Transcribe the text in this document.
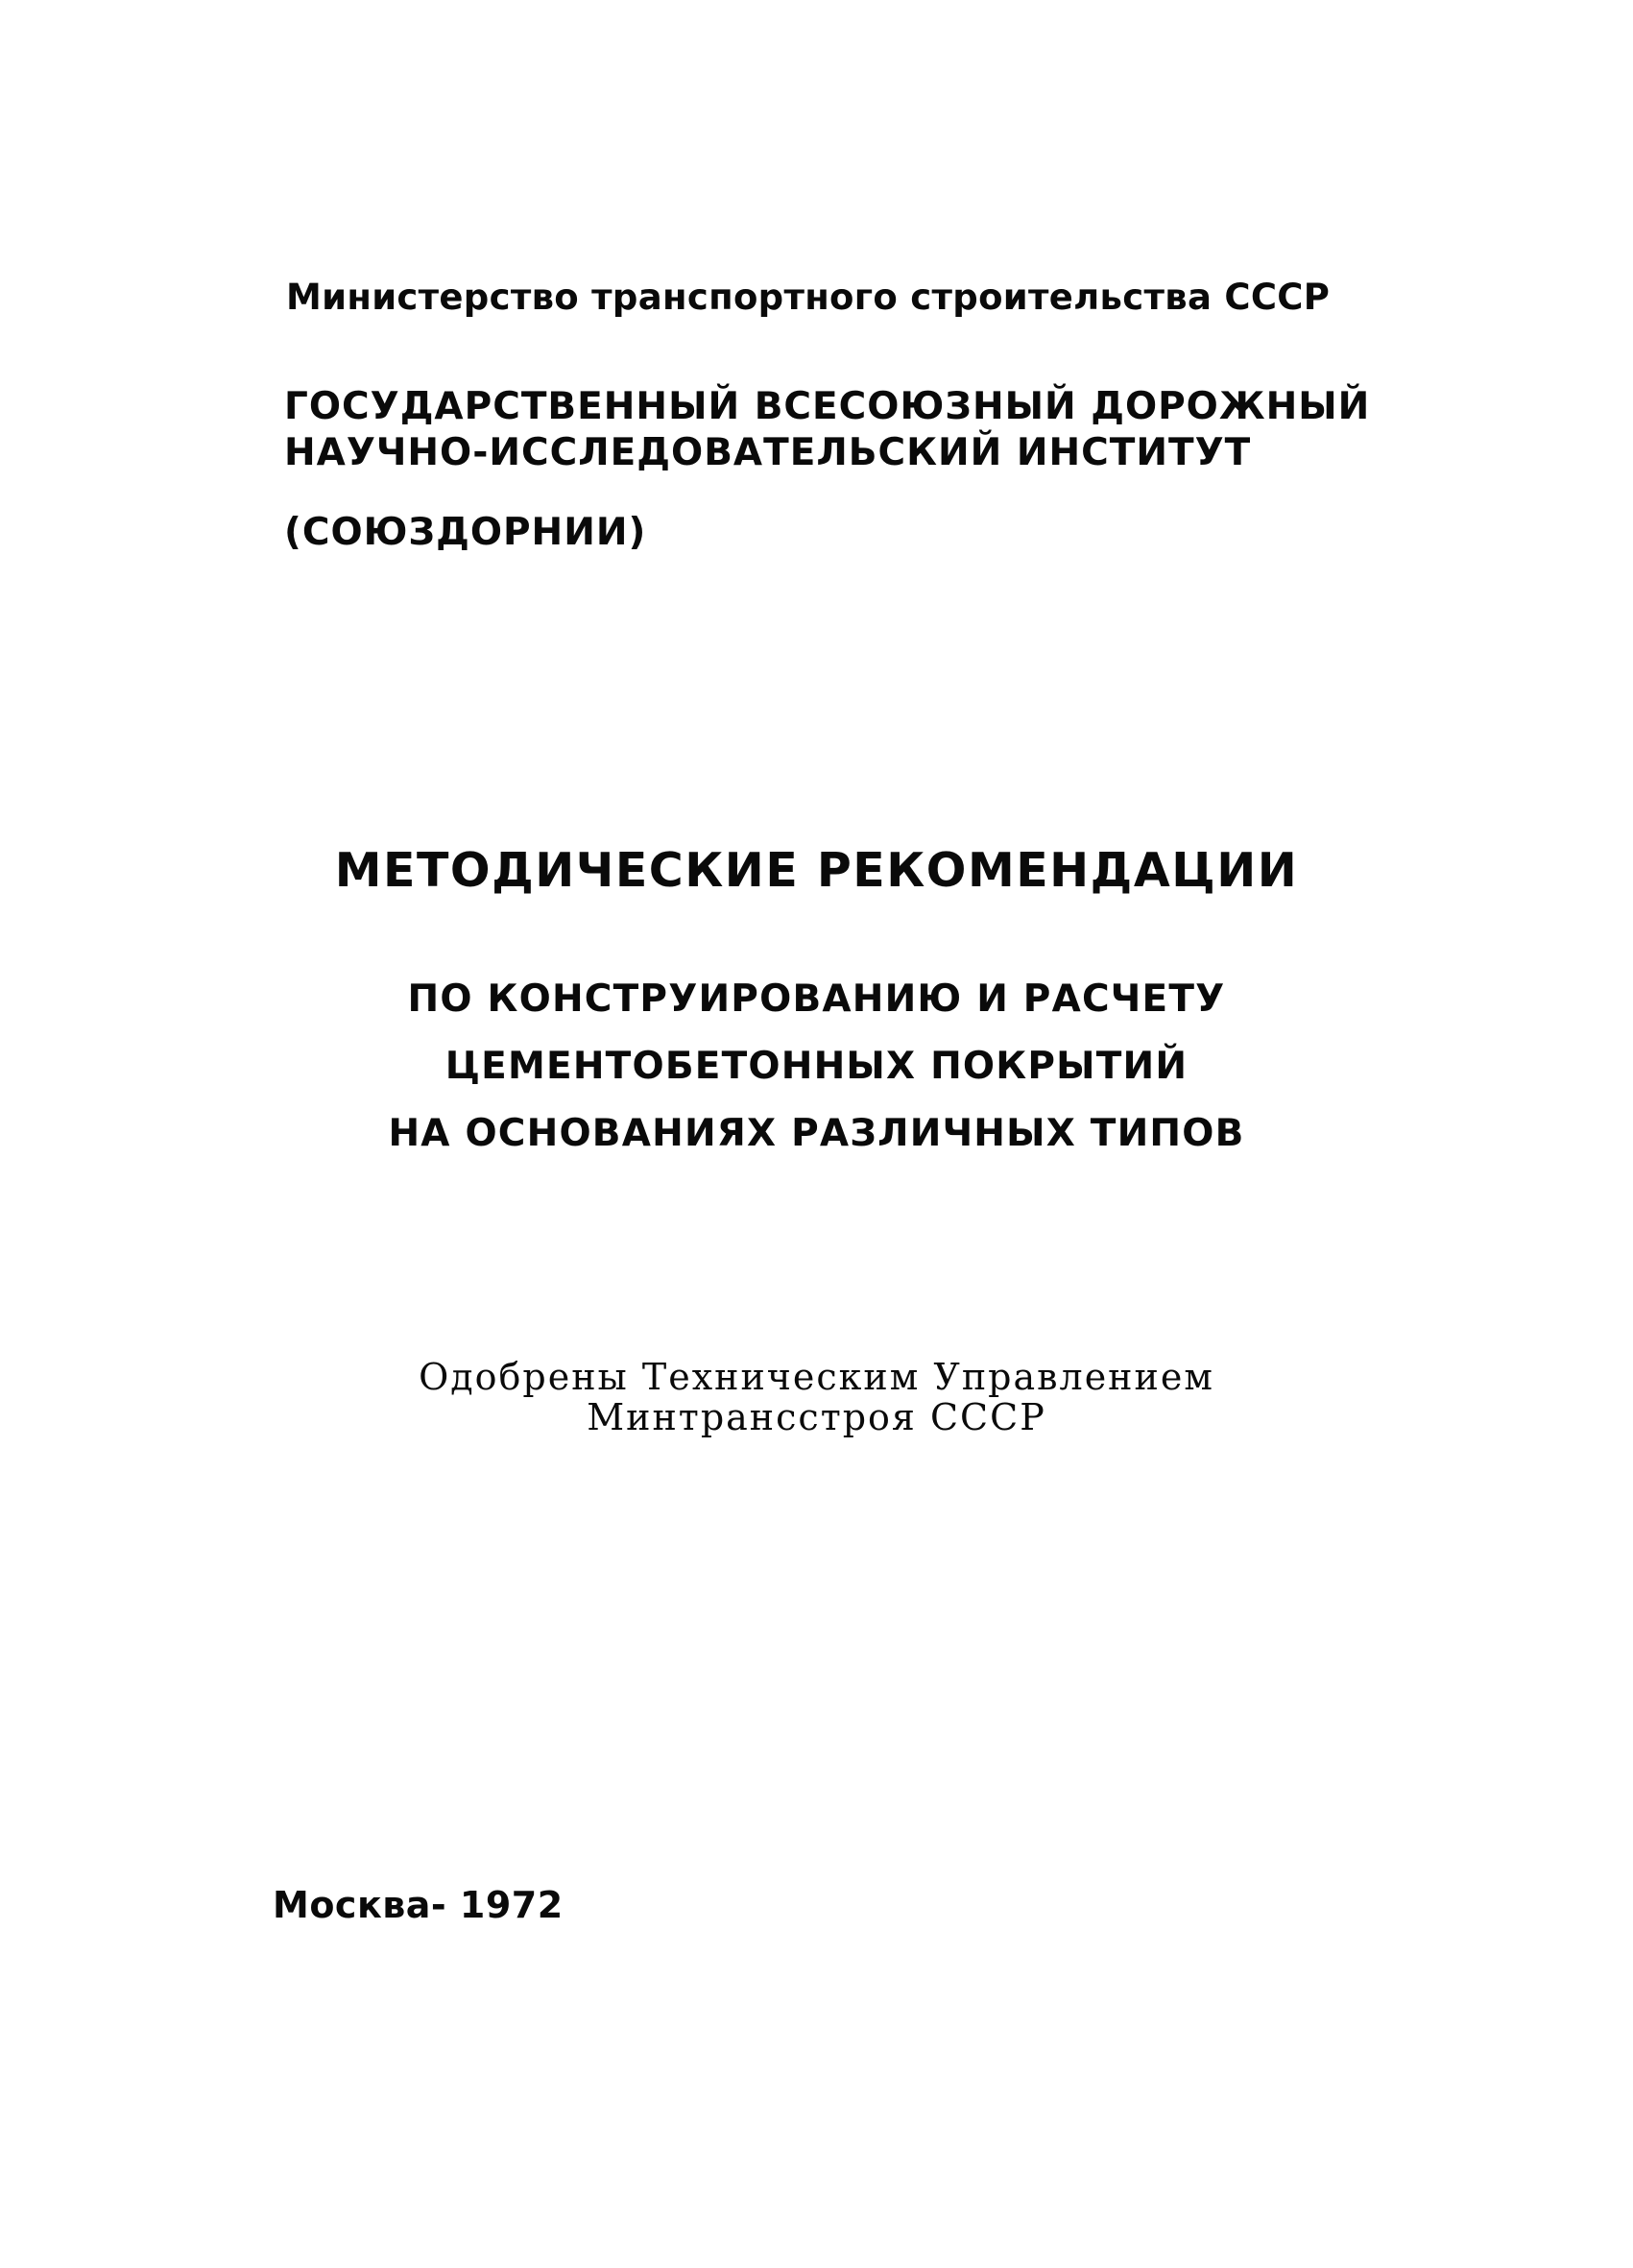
Министерство транспортного строительства СССР
ГОСУДАРСТВЕННЫЙ ВСЕСОЮЗНЫЙ ДОРОЖНЫЙ
НАУЧНО-ИССЛЕДОВАТЕЛЬСКИЙ ИНСТИТУТ
(СОЮЗДОРНИИ)
МЕТОДИЧЕСКИЕ РЕКОМЕНДАЦИИ
ПО КОНСТРУИРОВАНИЮ И РАСЧЕТУ
ЦЕМЕНТОБЕТОННЫХ ПОКРЫТИЙ
НА ОСНОВАНИЯХ РАЗЛИЧНЫХ ТИПОВ
Одобрены Техническим Управлением
Минтрансстроя СССР
Москва- 1972
